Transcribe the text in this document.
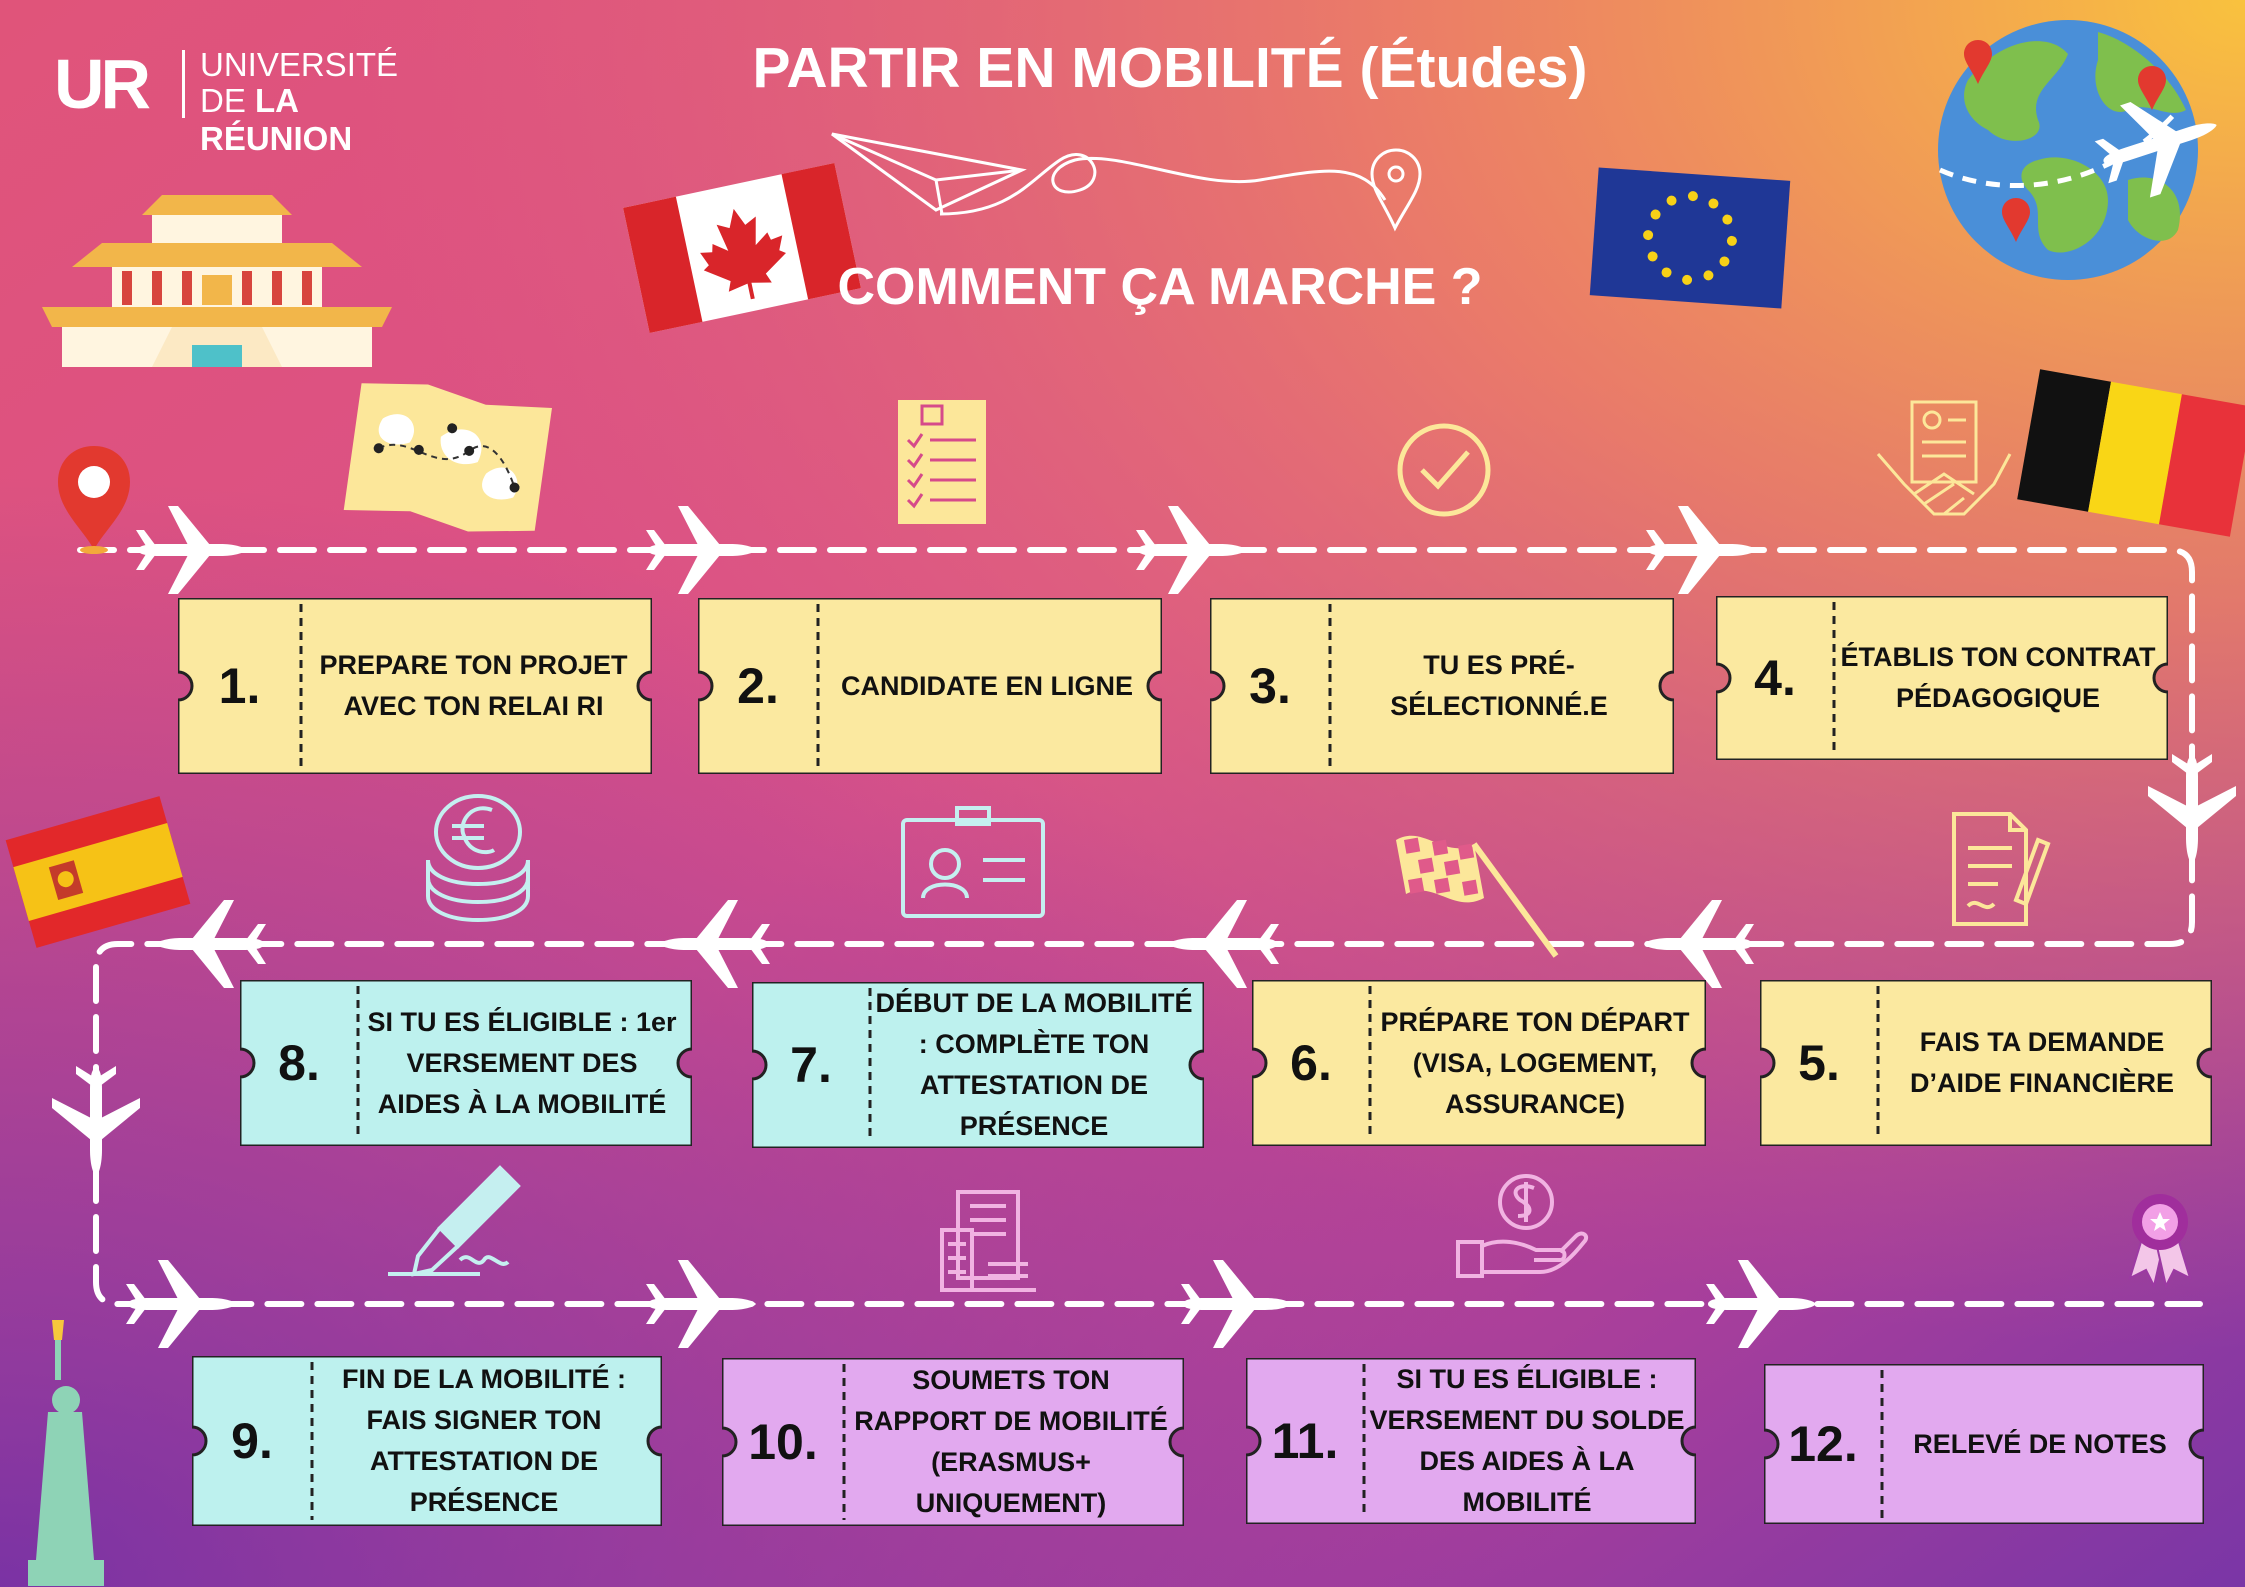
UR UNIVERSITÉ
DE LA RÉUNION
PARTIR EN MOBILITÉ (Études)
COMMENT ÇA MARCHE ?
1.	PREPARE TON PROJET AVEC TON RELAI RI	2.	CANDIDATE EN LIGNE	3.	TU ES PRÉ-SÉLECTIONNÉ.E	4.	ÉTABLIS TON CONTRAT PÉDAGOGIQUE
5.	FAIS TA DEMANDE D’AIDE FINANCIÈRE
6.
PRÉPARE TON DÉPART (VISA, LOGEMENT, ASSURANCE)
7.
DÉBUT DE LA MOBILITÉ : COMPLÈTE TON ATTESTATION DE PRÉSENCE
8.
SI TU ES ÉLIGIBLE : 1er VERSEMENT DES AIDES À LA MOBILITÉ
9.
FIN DE LA MOBILITÉ : FAIS SIGNER TON ATTESTATION DE PRÉSENCE
10.
SOUMETS TON RAPPORT DE MOBILITÉ (ERASMUS+ UNIQUEMENT)
11.
SI TU ES ÉLIGIBLE : VERSEMENT DU SOLDE DES AIDES À LA MOBILITÉ
12.	RELEVÉ DE NOTES
